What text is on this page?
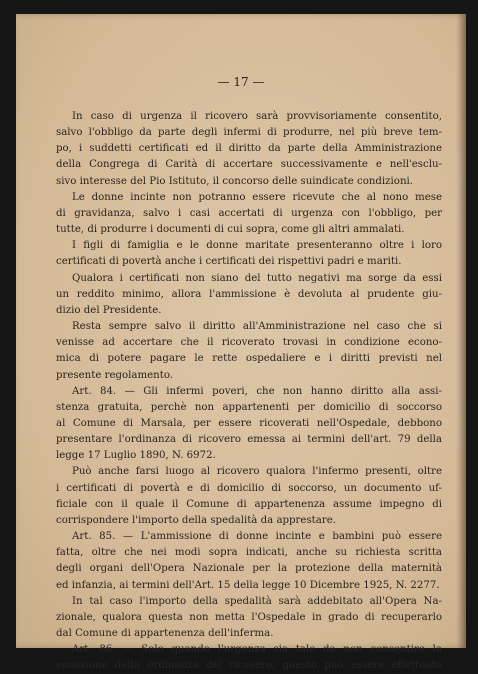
— 17 —
In caso di urgenza il ricovero sarà provvisoriamente consentito,
salvo l'obbligo da parte degli infermi di produrre, nel più breve tem-
po, i suddetti certificati ed il diritto da parte della Amministrazione
della Congrega di Carità di accertare successivamente e nell'esclu-
sivo interesse del Pio Istituto, il concorso delle suindicate condizioni.
Le donne incinte non potranno essere ricevute che al nono mese
di gravidanza, salvo i casi accertati di urgenza con l'obbligo, per
tutte, di produrre i documenti di cui sopra, come gli altri ammalati.
I figli di famiglia e le donne maritate presenteranno oltre i loro
certificati di povertà anche i certificati dei rispettivi padri e mariti.
Qualora i certificati non siano del tutto negativi ma sorge da essi
un reddito minimo, allora l'ammissione è devoluta al prudente giu-
dizio del Presidente.
Resta sempre salvo il diritto all'Amministrazione nel caso che si
venisse ad accertare che il ricoverato trovasi in condizione econo-
mica di potere pagare le rette ospedaliere e i diritti previsti nel
presente regolamento.
Art. 84. — Gli infermi poveri, che non hanno diritto alla assi-
stenza gratuita, perchè non appartenenti per domicilio di soccorso
al Comune di Marsala, per essere ricoverati nell'Ospedale, debbono
presentare l'ordinanza di ricovero emessa ai termini dell'art. 79 della
legge 17 Luglio 1890, N. 6972.
Può anche farsi luogo al ricovero qualora l'infermo presenti, oltre
i certificati di povertà e di domicilio di soccorso, un documento uf-
ficiale con il quale il Comune di appartenenza assume impegno di
corrispondere l'importo della spedalità da apprestare.
Art. 85. — L'ammissione di donne incinte e bambini può essere
fatta, oltre che nei modi sopra indicati, anche su richiesta scritta
degli organi dell'Opera Nazionale per la protezione della maternità
ed infanzia, ai termini dell'Art. 15 della legge 10 Dicembre 1925, N. 2277.
In tal caso l'importo della spedalità sarà addebitato all'Opera Na-
zionale, qualora questa non metta l'Ospedale in grado di recuperarlo
dal Comune di appartenenza dell'inferma.
Art. 86. — Solo quando l'urgenza sia tale da non consentire la
emissione della ordinanza del ricovero, questo può essere effettuato
